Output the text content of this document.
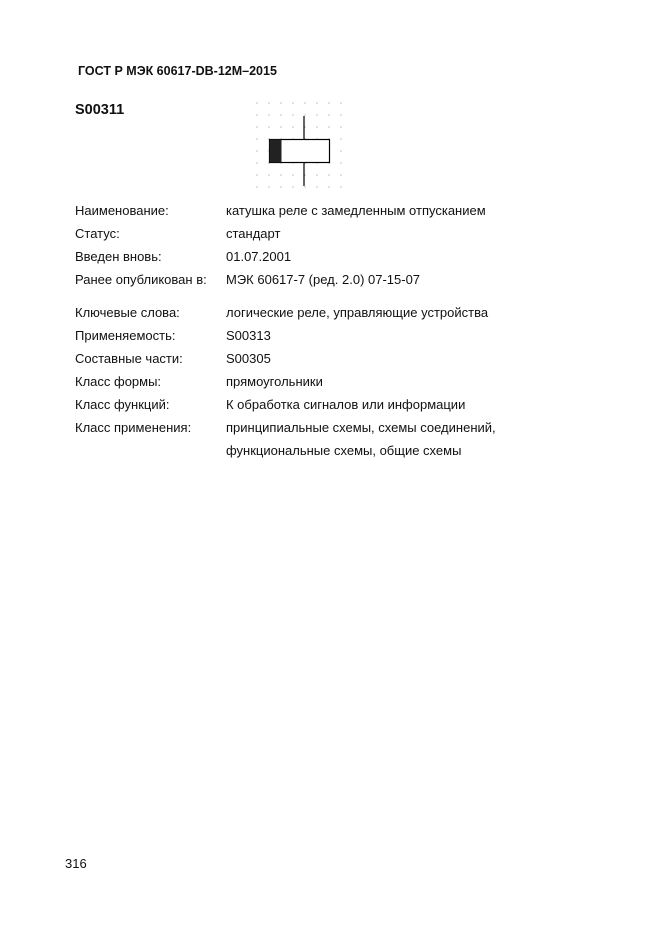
ГОСТ Р МЭК 60617-DB-12M–2015
S00311
Наименование:	катушка реле с замедленным отпусканием
Статус:	стандарт
Введен вновь:	01.07.2001
Ранее опубликован в: МЭК 60617-7 (ред. 2.0) 07-15-07
Ключевые слова:	логические реле, управляющие устройства
Применяемость:	S00313
Составные части:	S00305
Класс формы:	прямоугольники
Класс функций:	К обработка сигналов или информации
Класс применения:	принципиальные схемы, схемы соединений,
функциональные схемы, общие схемы
316
